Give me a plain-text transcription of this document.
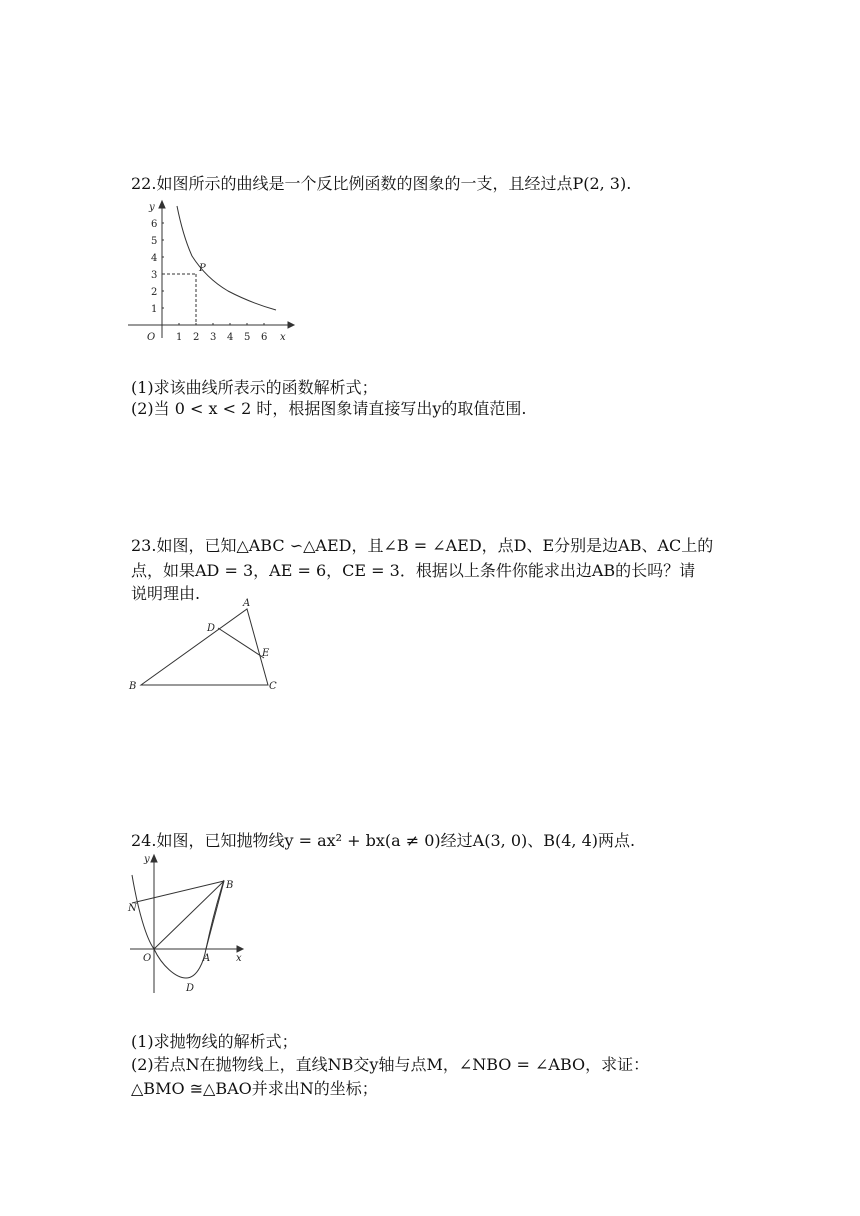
22.如图所示的曲线是一个反比例函数的图象的一支，且经过点P(2, 3).
y
x
O
P
1 2 3 4 5 6
1
2
3
4
5
6
(1)求该曲线所表示的函数解析式；
(2)当 0 < x < 2 时，根据图象请直接写出y的取值范围.
23.如图，已知△ABC ∽△AED，且∠B = ∠AED，点D、E分别是边AB、AC上的
点，如果AD = 3，AE = 6，CE = 3．根据以上条件你能求出边AB的长吗？请
说明理由.
A
B	C
D
E
24.如图，已知抛物线y = ax² + bx(a ≠ 0)经过A(3, 0)、B(4, 4)两点.
y
x
O	A
B
N
D
(1)求抛物线的解析式；
(2)若点N在抛物线上，直线NB交y轴与点M，∠NBO = ∠ABO，求证：
△BMO ≅△BAO并求出N的坐标；
